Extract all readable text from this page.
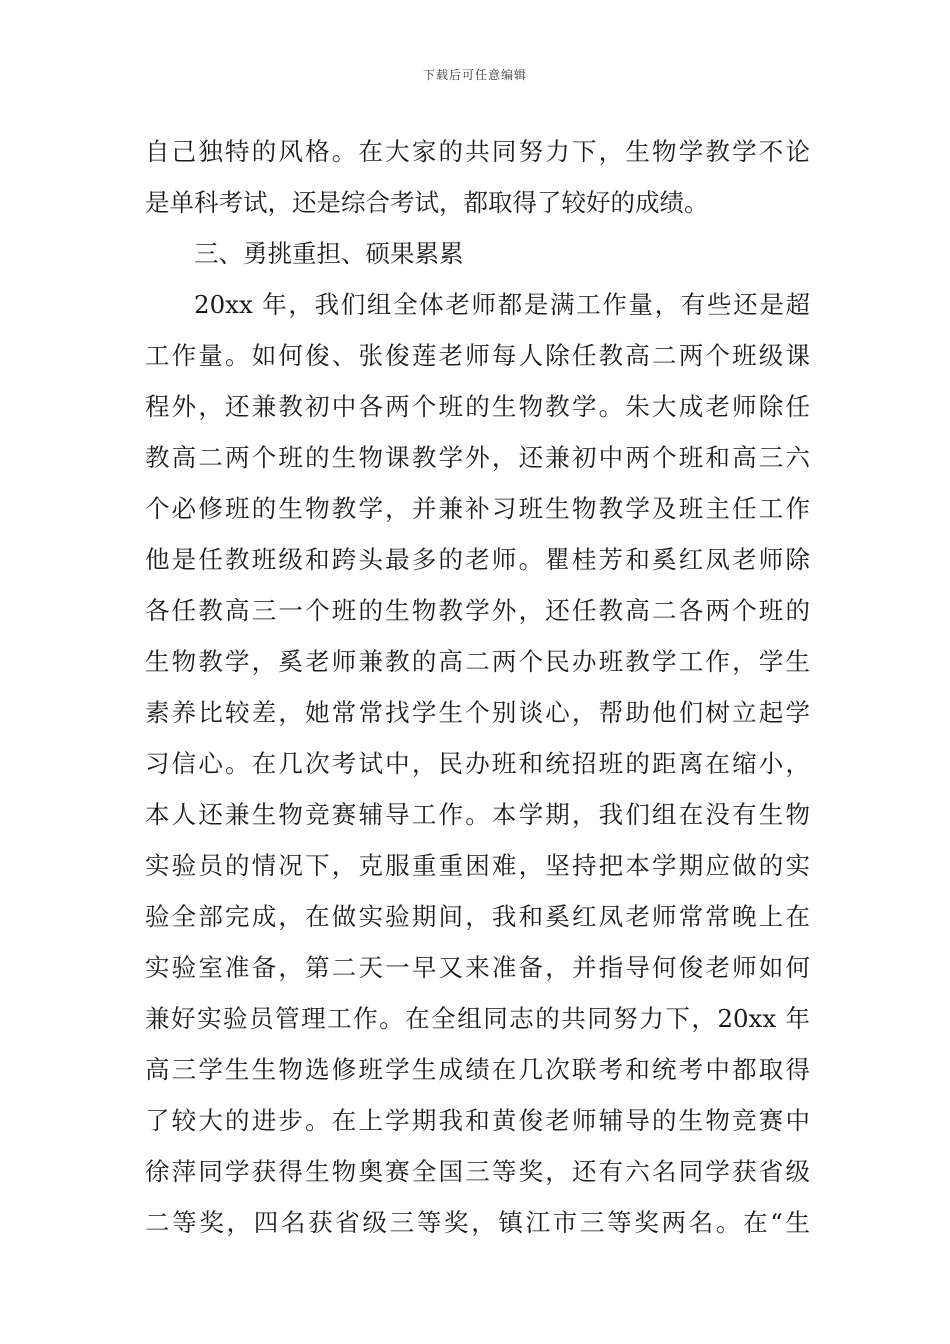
下载后可任意编辑
自己独特的风格。在大家的共同努力下，生物学教学不论
是单科考试，还是综合考试，都取得了较好的成绩。
三、勇挑重担、硕果累累
20xx 年，我们组全体老师都是满工作量，有些还是超
工作量。如何俊、张俊莲老师每人除任教高二两个班级课
程外，还兼教初中各两个班的生物教学。朱大成老师除任
教高二两个班的生物课教学外，还兼初中两个班和高三六
个必修班的生物教学，并兼补习班生物教学及班主任工作
他是任教班级和跨头最多的老师。瞿桂芳和奚红凤老师除
各任教高三一个班的生物教学外，还任教高二各两个班的
生物教学，奚老师兼教的高二两个民办班教学工作，学生
素养比较差，她常常找学生个别谈心，帮助他们树立起学
习信心。在几次考试中，民办班和统招班的距离在缩小，
本人还兼生物竞赛辅导工作。本学期，我们组在没有生物
实验员的情况下，克服重重困难，坚持把本学期应做的实
验全部完成，在做实验期间，我和奚红凤老师常常晚上在
实验室准备，第二天一早又来准备，并指导何俊老师如何
兼好实验员管理工作。在全组同志的共同努力下，20xx 年
高三学生生物选修班学生成绩在几次联考和统考中都取得
了较大的进步。在上学期我和黄俊老师辅导的生物竞赛中
徐萍同学获得生物奥赛全国三等奖，还有六名同学获省级
二等奖，四名获省级三等奖，镇江市三等奖两名。在“生
